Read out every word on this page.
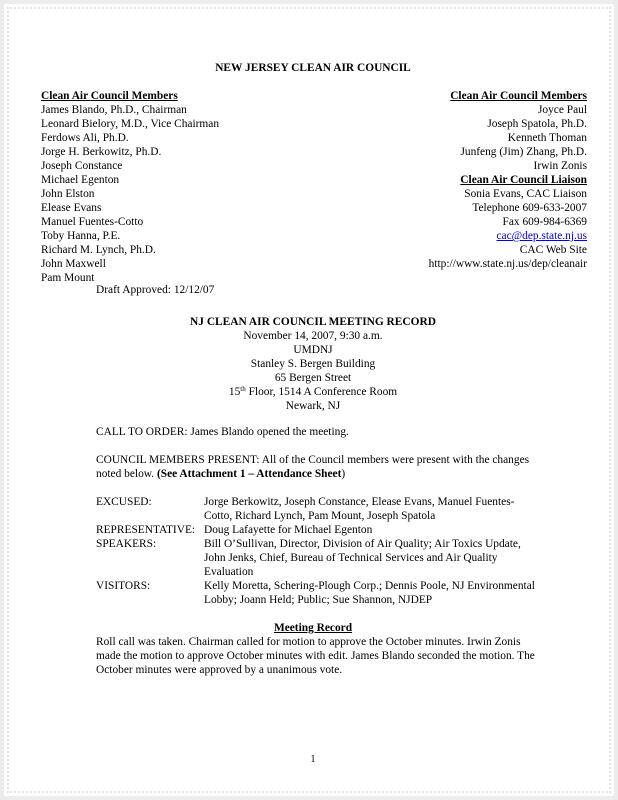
NEW JERSEY CLEAN AIR COUNCIL
Clean Air Council Members
James Blando, Ph.D., Chairman
Leonard Bielory, M.D., Vice Chairman
Ferdows Ali, Ph.D.
Jorge H. Berkowitz, Ph.D.
Joseph Constance
Michael Egenton
John Elston
Elease Evans
Manuel Fuentes-Cotto
Toby Hanna, P.E.
Richard M. Lynch, Ph.D.
John Maxwell
Pam Mount
Clean Air Council Members
Joyce Paul
Joseph Spatola, Ph.D.
Kenneth Thoman
Junfeng (Jim) Zhang, Ph.D.
Irwin Zonis
Clean Air Council Liaison
Sonia Evans, CAC Liaison
Telephone 609-633-2007
Fax 609-984-6369
cac@dep.state.nj.us
CAC Web Site
http://www.state.nj.us/dep/cleanair
Draft Approved: 12/12/07
NJ CLEAN AIR COUNCIL MEETING RECORD
November 14, 2007, 9:30 a.m.
UMDNJ
Stanley S. Bergen Building
65 Bergen Street
15th Floor, 1514 A Conference Room
Newark, NJ
CALL TO ORDER: James Blando opened the meeting.
COUNCIL MEMBERS PRESENT: All of the Council members were present with the changes noted below. (See Attachment 1 – Attendance Sheet)
EXCUSED:	Jorge Berkowitz, Joseph Constance, Elease Evans, Manuel Fuentes-Cotto, Richard Lynch, Pam Mount, Joseph Spatola
REPRESENTATIVE: Doug Lafayette for Michael Egenton
SPEAKERS:	Bill O’Sullivan, Director, Division of Air Quality; Air Toxics Update, John Jenks, Chief, Bureau of Technical Services and Air Quality Evaluation
VISITORS:	Kelly Moretta, Schering-Plough Corp.; Dennis Poole, NJ Environmental Lobby; Joann Held; Public; Sue Shannon, NJDEP
Meeting Record
Roll call was taken. Chairman called for motion to approve the October minutes. Irwin Zonis made the motion to approve October minutes with edit. James Blando seconded the motion. The October minutes were approved by a unanimous vote.
1
